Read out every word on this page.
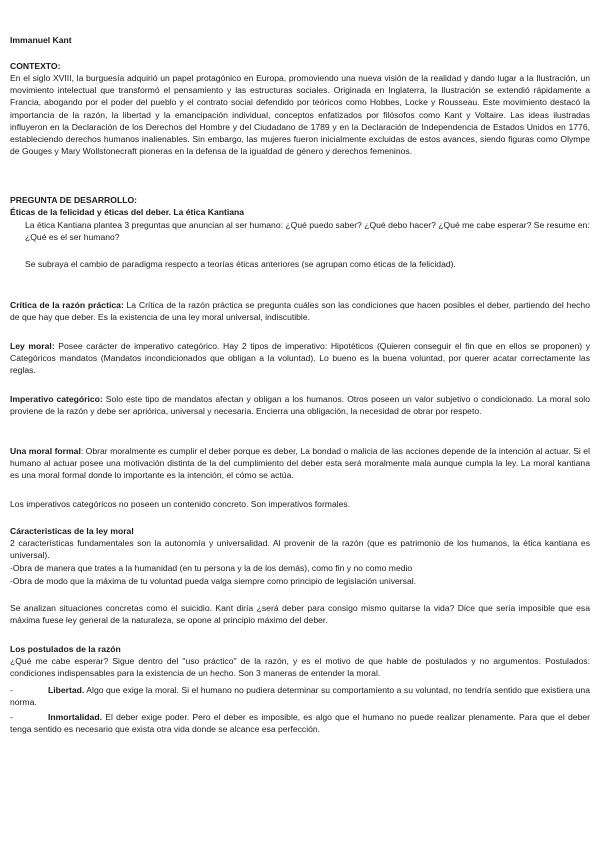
Immanuel Kant

CONTEXTO:

En el siglo XVIII, la burguesía adquirió un papel protagónico en Europa, promoviendo una nueva visión de la realidad y dando lugar a la Ilustración, un movimiento intelectual que transformó el pensamiento y las estructuras sociales. Originada en Inglaterra, la Ilustración se extendió rápidamente a Francia, abogando por el poder del pueblo y el contrato social defendido por teóricos como Hobbes, Locke y Rousseau. Este movimiento destacó la importancia de la razón, la libertad y la emancipación individual, conceptos enfatizados por filósofos como Kant y Voltaire. Las ideas ilustradas influyeron en la Declaración de los Derechos del Hombre y del Ciudadano de 1789 y en la Declaración de Independencia de Estados Unidos en 1776, estableciendo derechos humanos inalienables. Sin embargo, las mujeres fueron inicialmente excluidas de estos avances, siendo figuras como Olympe de Gouges y Mary Wollstonecraft pioneras en la defensa de la igualdad de género y derechos femeninos.

PREGUNTA DE DESARROLLO:

Éticas de la felicidad y éticas del deber. La ética Kantiana

La ética Kantiana plantea 3 preguntas que anuncian al ser humano: ¿Qué puedo saber? ¿Qué debo hacer? ¿Qué me cabe esperar? Se resume en: ¿Qué es el ser humano?

Se subraya el cambio de paradigma respecto a teorías éticas anteriores (se agrupan como éticas de la felicidad).

Crítica de la razón práctica: La Crítica de la razón práctica se pregunta cuáles son las condiciones que hacen posibles el deber, partiendo del hecho de que hay que deber. Es la existencia de una ley moral universal, indiscutible.

Ley moral: Posee carácter de imperativo categórico. Hay 2 tipos de imperativo: Hipotéticos (Quieren conseguir el fin que en ellos se proponen) y Categóricos mandatos (Mandatos incondicionados que obligan a la voluntad). Lo bueno es la buena voluntad, por querer acatar correctamente las reglas.

Imperativo categórico: Solo este tipo de mandatos afectan y obligan a los humanos. Otros poseen un valor subjetivo o condicionado. La moral solo proviene de la razón y debe ser apriórica, universal y necesaria. Encierra una obligación, la necesidad de obrar por respeto.

Una moral formal: Obrar moralmente es cumplir el deber porque es deber, La bondad o malicia de las acciones depende de la intención al actuar. Si el humano al actuar posee una motivación distinta de la del cumplimiento del deber esta será moralmente mala aunque cumpla la ley. La moral kantiana es una moral formal donde lo importante es la intención, el cómo se actúa.

Los imperativos categóricos no poseen un contenido concreto. Son imperativos formales.

Cáracteristicas de la ley moral

2 características fundamentales son la autonomía y universalidad. Al provenir de la razón (que es patrimonio de los humanos, la ética kantiana es universal).

-Obra de manera que trates a la humanidad (en tu persona y la de los demás), como fin y no como medio

-Obra de modo que la máxima de tu voluntad pueda valga siempre como principio de legislación universal.

Se analizan situaciones concretas como el suicidio. Kant diría ¿será deber para consigo mismo quitarse la vida? Dice que sería imposible que esa máxima fuese ley general de la naturaleza, se opone al principio máximo del deber.

Los postulados de la razón

¿Qué me cabe esperar? Sigue dentro del "uso práctico" de la razón, y es el motivo de que hable de postulados y no argumentos. Postulados: condiciones indispensables para la existencia de un hecho. Son 3 maneras de entender la moral.

-	Libertad. Algo que exige la moral. Si el humano no pudiera determinar su comportamiento a su voluntad, no tendría sentido que existiera una norma.

-	Inmortalidad. El deber exige poder. Pero el deber es imposible, es algo que el humano no puede realizar plenamente. Para que el deber tenga sentido es necesario que exista otra vida donde se alcance esa perfección.
